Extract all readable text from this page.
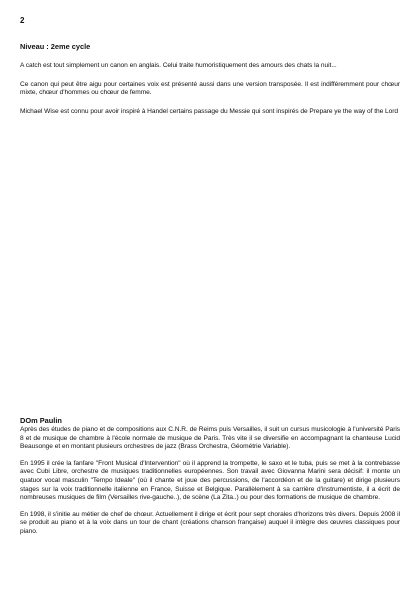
2
Niveau : 2eme cycle

A catch est tout simplement un canon en anglais. Celui traite humoristiquement des amours des chats la nuit...

Ce canon qui peut être aigu pour certaines voix est présenté aussi dans une version transposée. Il est indifféremment pour chœur mixte, chœur d'hommes ou chœur de femme.

Michael Wise est connu pour avoir inspiré à Handel certains passage du Messie qui sont inspirés de Prepare ye the way of the Lord

DOm Paulin

Après des études de piano et de compositions aux C.N.R. de Reims puis Versailles, il suit un cursus musicologie à l'université Paris 8 et de musique de chambre à l'école normale de musique de Paris. Très vite il se diversifie en accompagnant la chanteuse Lucid Beausonge et en montant plusieurs orchestres de jazz (Brass Orchestra, Géométrie Variable).

En 1995 il crée la fanfare "Front Musical d'Intervention" où il apprend la trompette, le saxo et le tuba, puis se met à la contrebasse avec Cubi Libre, orchestre de musiques traditionnelles européennes. Son travail avec Giovanna Marini sera décisif: il monte un quatuor vocal masculin "Tempo Ideale" (où il chante et joue des percussions, de l'accordéon et de la guitare) et dirige plusieurs stages sur la voix traditionnelle italienne en France, Suisse et Belgique. Parallèlement à sa carrière d'instrumentiste, il a écrit de nombreuses musiques de film (Versailles rive-gauche..), de scène (La Zita..) ou pour des formations de musique de chambre.

En 1998, il s'initie au métier de chef de chœur. Actuellement il dirige et écrit pour sept chorales d'horizons très divers. Depuis 2008 il se produit au piano et à la voix dans un tour de chant (créations chanson française) auquel il intègre des œuvres classiques pour piano.
